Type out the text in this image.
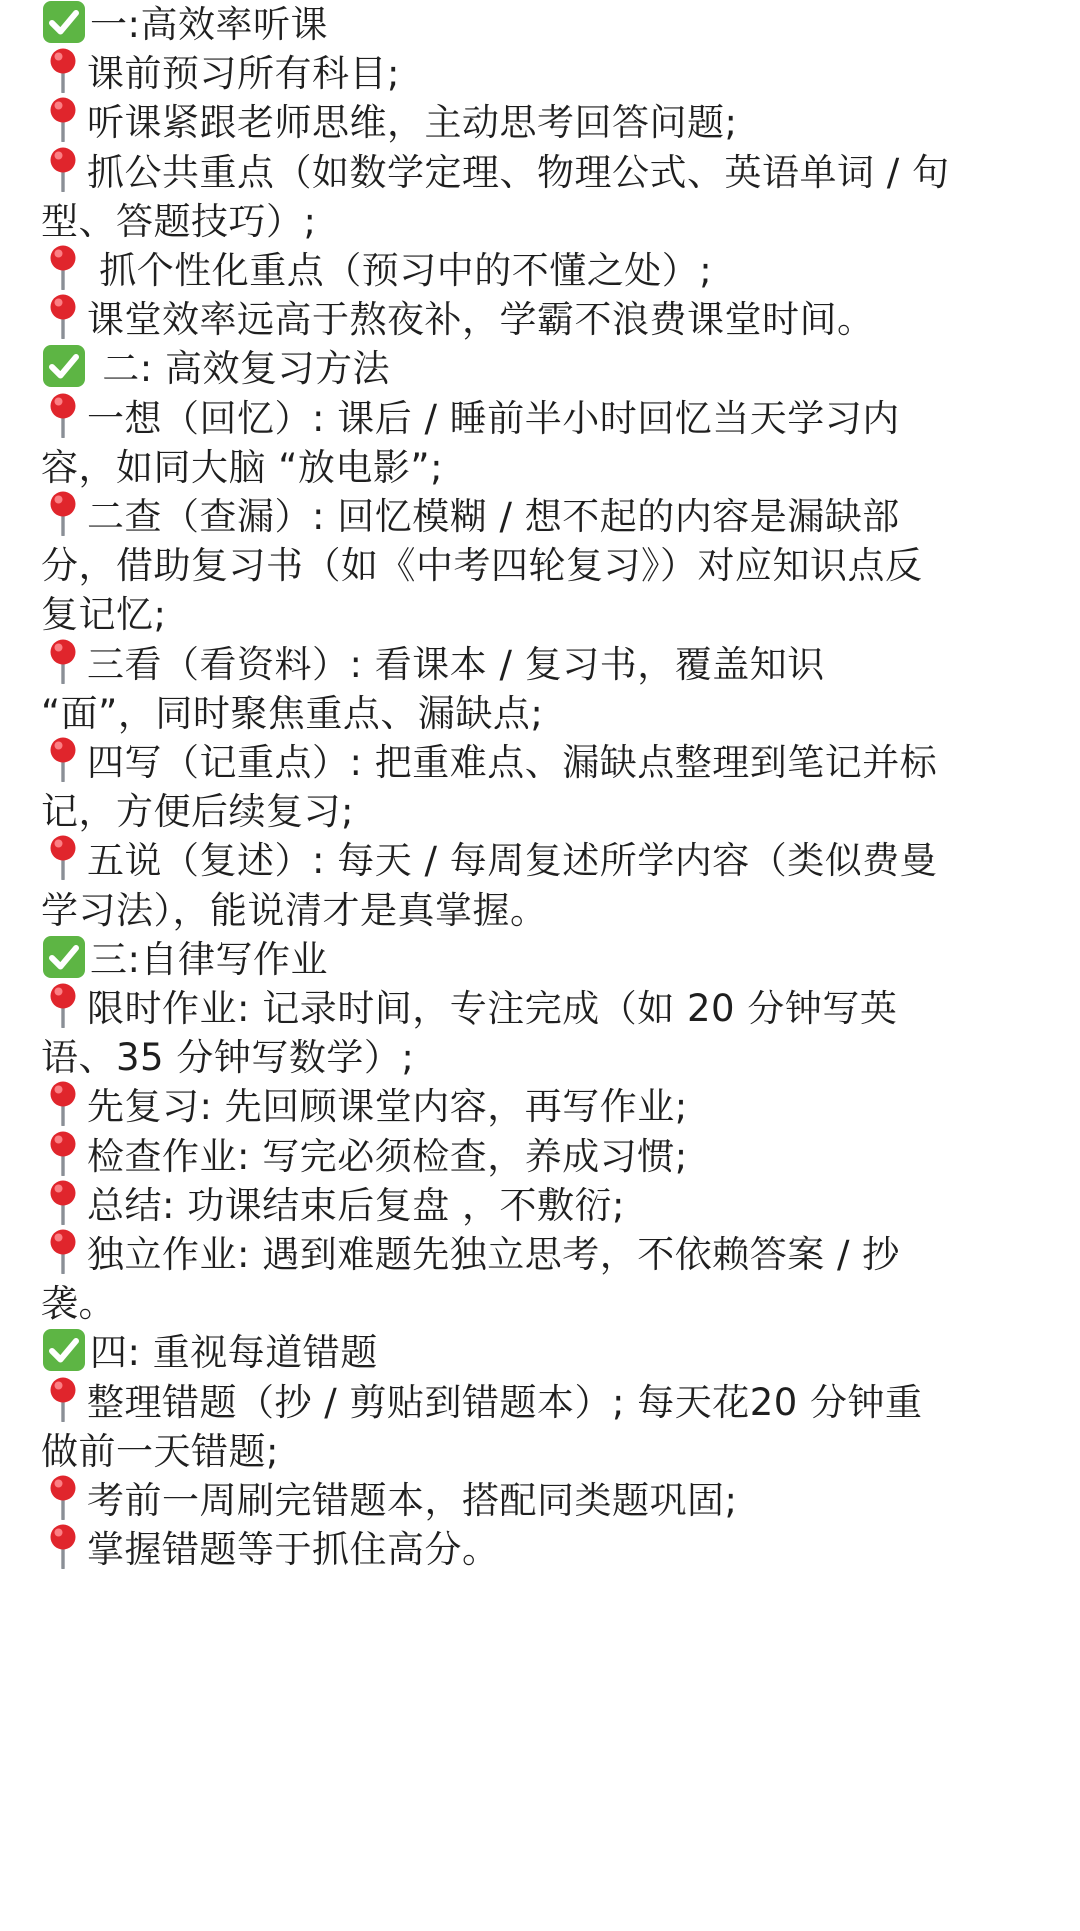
一:高效率听课
课前预习所有科目;
听课紧跟老师思维，主动思考回答问题;
抓公共重点（如数学定理、物理公式、英语单词 / 句
型、答题技巧）;
抓个性化重点（预习中的不懂之处）;
课堂效率远高于熬夜补，学霸不浪费课堂时间。
二: 高效复习方法
一想（回忆）: 课后 / 睡前半小时回忆当天学习内
容，如同大脑 “放电影”;
二查（查漏）: 回忆模糊 / 想不起的内容是漏缺部
分，借助复习书（如《中考四轮复习》）对应知识点反
复记忆;
三看（看资料）: 看课本 / 复习书，覆盖知识
“面”，同时聚焦重点、漏缺点;
四写（记重点）: 把重难点、漏缺点整理到笔记并标
记，方便后续复习;
五说（复述）: 每天 / 每周复述所学内容（类似费曼
学习法），能说清才是真掌握。
三:自律写作业
限时作业: 记录时间，专注完成（如 20 分钟写英
语、35 分钟写数学）;
先复习: 先回顾课堂内容，再写作业;
检查作业: 写完必须检查，养成习惯;
总结: 功课结束后复盘 ，不敷衍;
独立作业: 遇到难题先独立思考，不依赖答案 / 抄
袭。
四: 重视每道错题
整理错题（抄 / 剪贴到错题本）; 每天花20 分钟重
做前一天错题;
考前一周刷完错题本，搭配同类题巩固;
掌握错题等于抓住高分。
